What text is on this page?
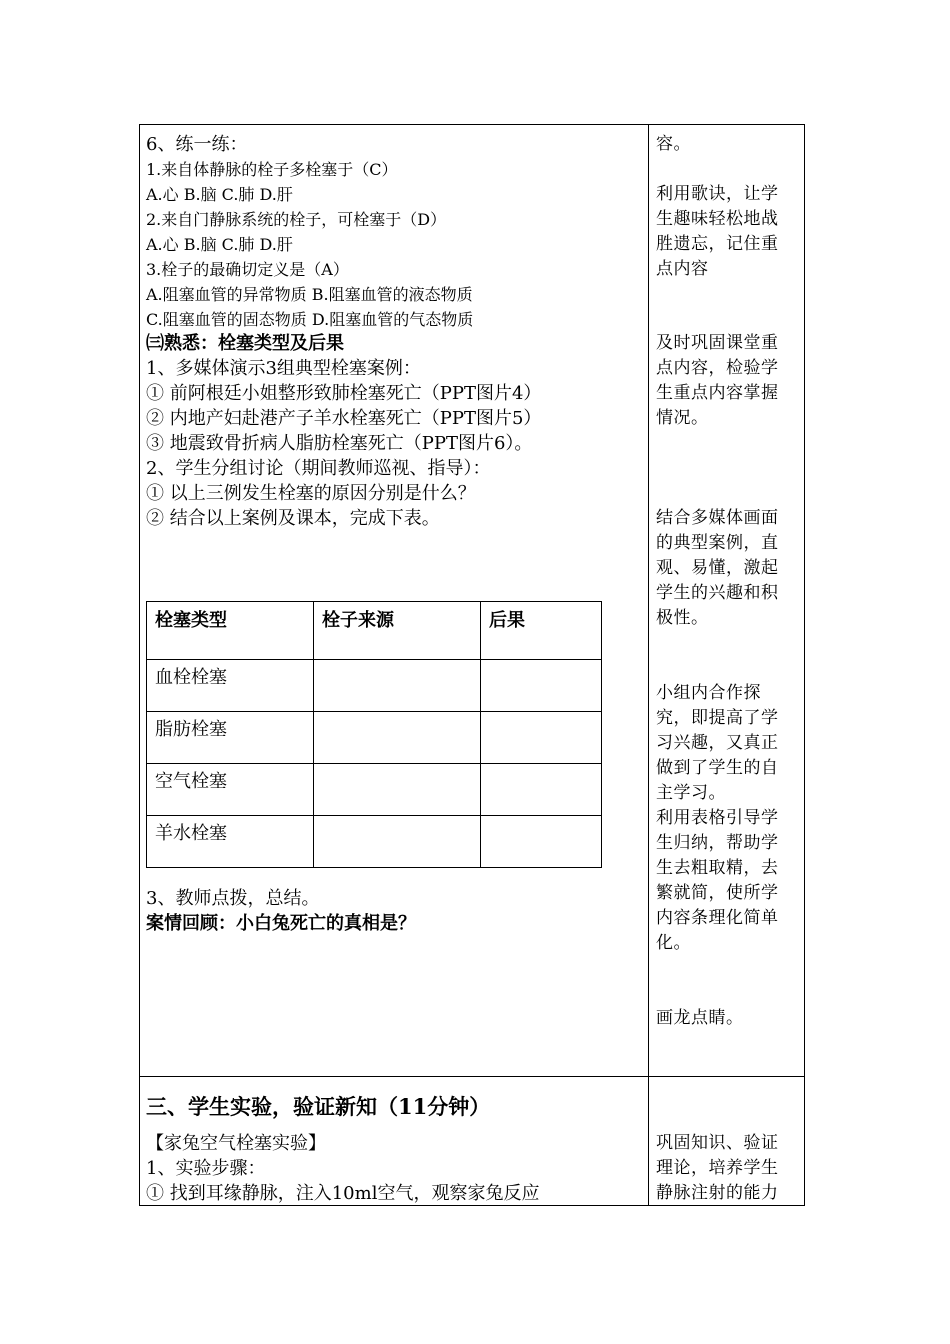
6、练一练：
1.来自体静脉的栓子多栓塞于（C）
A.心 B.脑 C.肺 D.肝
2.来自门静脉系统的栓子，可栓塞于（D）
A.心 B.脑 C.肺 D.肝
3.栓子的最确切定义是（A）
A.阻塞血管的异常物质 B.阻塞血管的液态物质
C.阻塞血管的固态物质 D.阻塞血管的气态物质
㈢熟悉：栓塞类型及后果
1、多媒体演示3组典型栓塞案例：
① 前阿根廷小姐整形致肺栓塞死亡（PPT图片4）
② 内地产妇赴港产子羊水栓塞死亡（PPT图片5）
③ 地震致骨折病人脂肪栓塞死亡（PPT图片6）。
2、学生分组讨论（期间教师巡视、指导）：
① 以上三例发生栓塞的原因分别是什么？
② 结合以上案例及课本，完成下表。
栓塞类型	栓子来源	后果
血栓栓塞		
脂肪栓塞		
空气栓塞		
羊水栓塞		
3、教师点拨，总结。
案情回顾：小白兔死亡的真相是？
三、学生实验，验证新知（11分钟）
【家兔空气栓塞实验】
1、实验步骤：
① 找到耳缘静脉，注入10ml空气，观察家兔反应
容。
利用歌诀，让学
生趣味轻松地战
胜遗忘，记住重
点内容
及时巩固课堂重
点内容，检验学
生重点内容掌握
情况。
结合多媒体画面
的典型案例，直
观、易懂，激起
学生的兴趣和积
极性。
小组内合作探
究，即提高了学
习兴趣，又真正
做到了学生的自
主学习。
利用表格引导学
生归纳，帮助学
生去粗取精，去
繁就简，使所学
内容条理化简单
化。
画龙点睛。
巩固知识、验证
理论，培养学生
静脉注射的能力
